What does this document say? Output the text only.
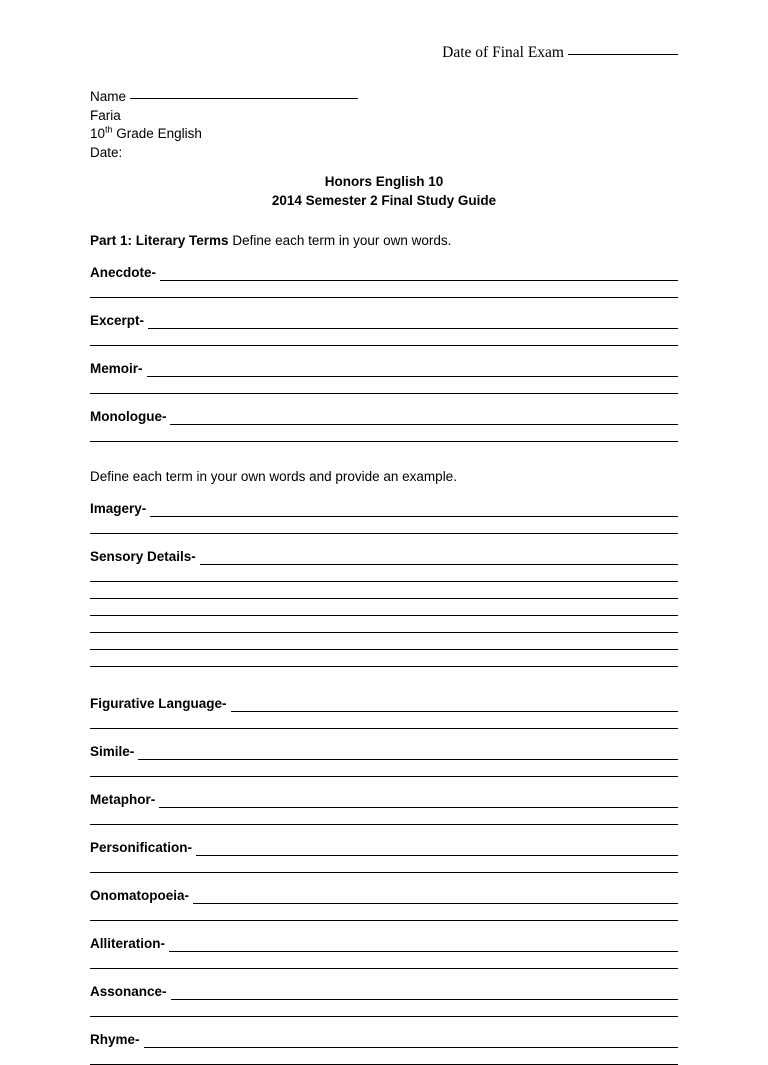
Date of Final Exam
Name
Faria
10th Grade English
Date:
Honors English 10
2014 Semester 2 Final Study Guide
Part 1: Literary Terms Define each term in your own words.
Anecdote-
Excerpt-
Memoir-
Monologue-
Define each term in your own words and provide an example.
Imagery-
Sensory Details-
Figurative Language-
Simile-
Metaphor-
Personification-
Onomatopoeia-
Alliteration-
Assonance-
Rhyme-
